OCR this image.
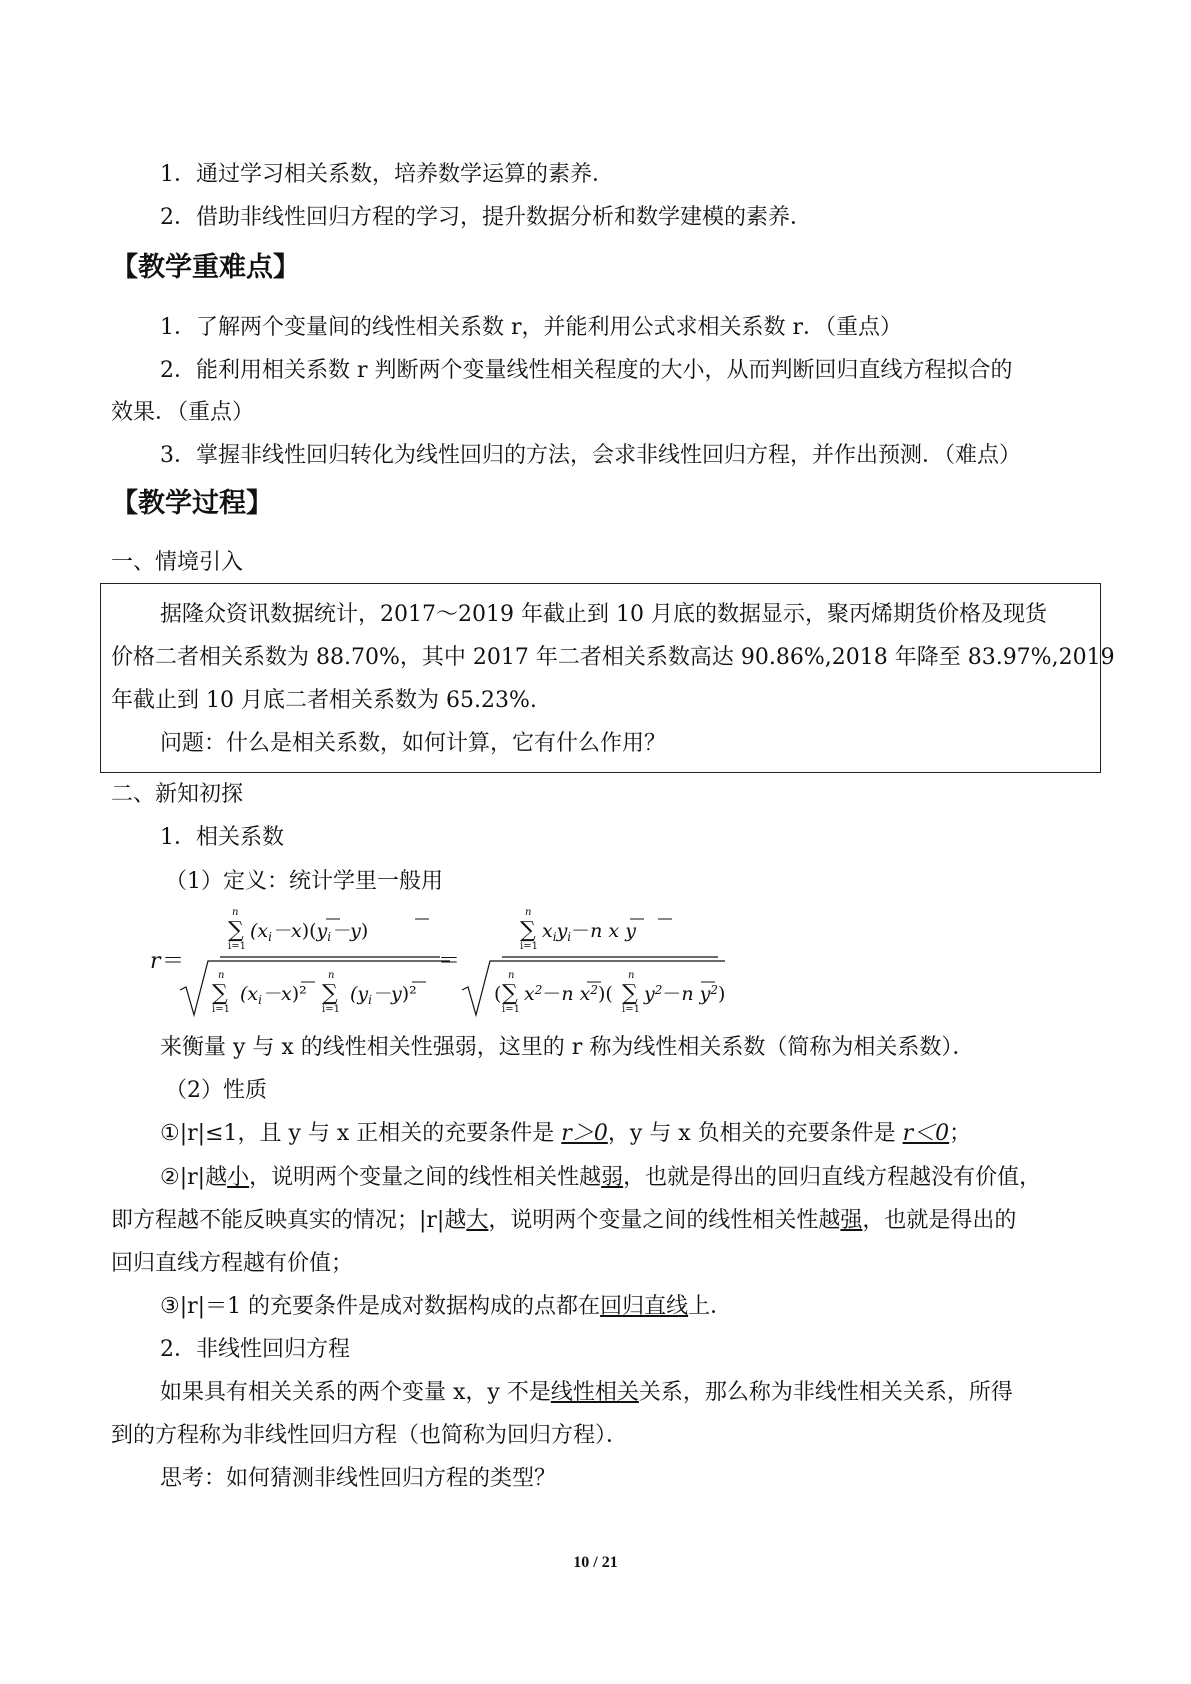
1．通过学习相关系数，培养数学运算的素养．
2．借助非线性回归方程的学习，提升数据分析和数学建模的素养．
【教学重难点】
1．了解两个变量间的线性相关系数 r，并能利用公式求相关系数 r．（重点）
2．能利用相关系数 r 判断两个变量线性相关程度的大小，从而判断回归直线方程拟合的
效果．（重点）
3．掌握非线性回归转化为线性回归的方法，会求非线性回归方程，并作出预测．（难点）
【教学过程】
一、情境引入
据隆众资讯数据统计，2017～2019 年截止到 10 月底的数据显示，聚丙烯期货价格及现货
价格二者相关系数为 88.70%，其中 2017 年二者相关系数高达 90.86%,2018 年降至 83.97%,2019
年截止到 10 月底二者相关系数为 65.23%.
问题：什么是相关系数，如何计算，它有什么作用？
二、新知初探
1．相关系数
（1）定义：统计学里一般用
r ＝
n
∑
i=1
$(x_i-x)(y_i-y)$
n
∑
i=1
$(x_i-x)^2$
n
∑
i=1
$(y_i-y)^2$
＝
n
∑
i=1
$x_iy_i-n$ x y
(
n
∑
i=1
$x^2-n$ $x^2$)(
n
∑
i=1
$y^2-n$ $y^2$)
来衡量 y 与 x 的线性相关性强弱，这里的 r 称为线性相关系数（简称为相关系数）．
（2）性质
①|r|≤1，且 y 与 x 正相关的充要条件是 r＞0，y 与 x 负相关的充要条件是 r＜0；
②|r|越小，说明两个变量之间的线性相关性越弱，也就是得出的回归直线方程越没有价值，
即方程越不能反映真实的情况；|r|越大，说明两个变量之间的线性相关性越强，也就是得出的
回归直线方程越有价值；
③|r|＝1 的充要条件是成对数据构成的点都在回归直线上．
2．非线性回归方程
如果具有相关关系的两个变量 x，y 不是线性相关关系，那么称为非线性相关关系，所得
到的方程称为非线性回归方程（也简称为回归方程）．
思考：如何猜测非线性回归方程的类型？
10 / 21
